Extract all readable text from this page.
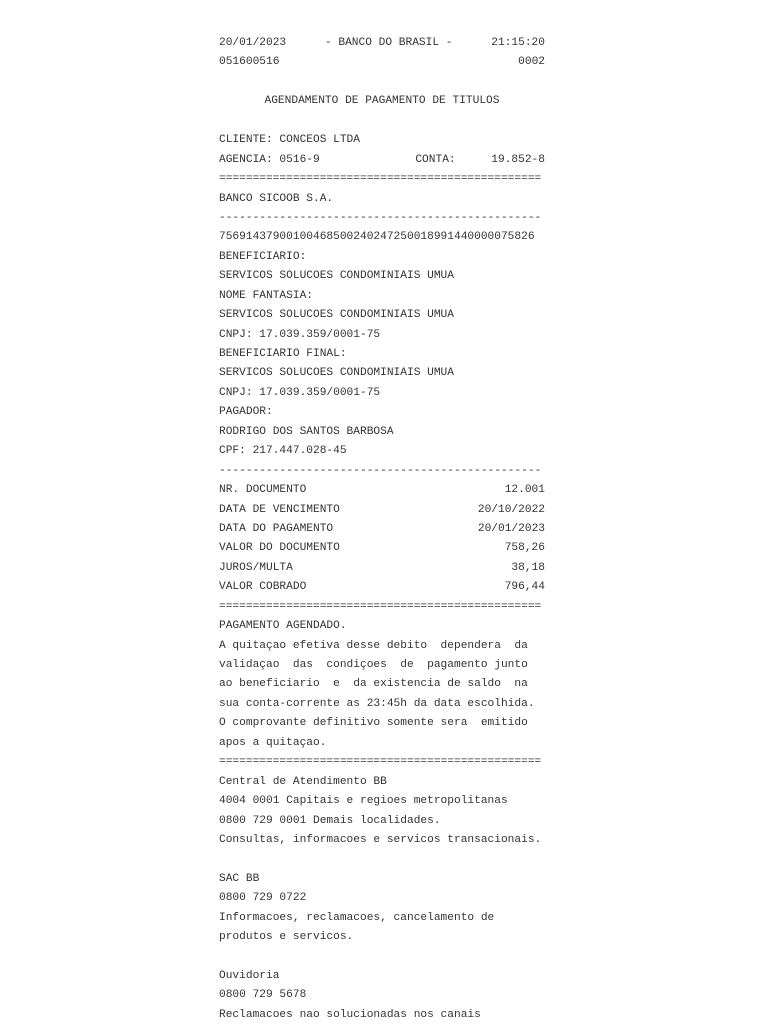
20/01/2023	- BANCO DO BRASIL -	21:15:20
051600516	0002
AGENDAMENTO DE PAGAMENTO DE TITULOS
CLIENTE: CONCEOS LTDA
AGENCIA: 0516-9	CONTA:	19.852-8
================================================
BANCO SICOOB S.A.
------------------------------------------------
75691437900100468500240247250018991440000075826
BENEFICIARIO:
SERVICOS SOLUCOES CONDOMINIAIS UMUA
NOME FANTASIA:
SERVICOS SOLUCOES CONDOMINIAIS UMUA
CNPJ: 17.039.359/0001-75
BENEFICIARIO FINAL:
SERVICOS SOLUCOES CONDOMINIAIS UMUA
CNPJ: 17.039.359/0001-75
PAGADOR:
RODRIGO DOS SANTOS BARBOSA
CPF: 217.447.028-45
------------------------------------------------
NR. DOCUMENTO	12.001
DATA DE VENCIMENTO	20/10/2022
DATA DO PAGAMENTO	20/01/2023
VALOR DO DOCUMENTO	758,26
JUROS/MULTA	38,18
VALOR COBRADO	796,44
================================================
PAGAMENTO AGENDADO.
A quitaçao efetiva desse debito  dependera  da
validaçao  das  condiçoes  de  pagamento junto
ao beneficiario  e  da existencia de saldo  na
sua conta-corrente as 23:45h da data escolhida.
O comprovante definitivo somente sera  emitido
apos a quitaçao.
================================================
Central de Atendimento BB
4004 0001 Capitais e regioes metropolitanas
0800 729 0001 Demais localidades.
Consultas, informacoes e servicos transacionais.
SAC BB
0800 729 0722
Informacoes, reclamacoes, cancelamento de
produtos e servicos.
Ouvidoria
0800 729 5678
Reclamacoes nao solucionadas nos canais
